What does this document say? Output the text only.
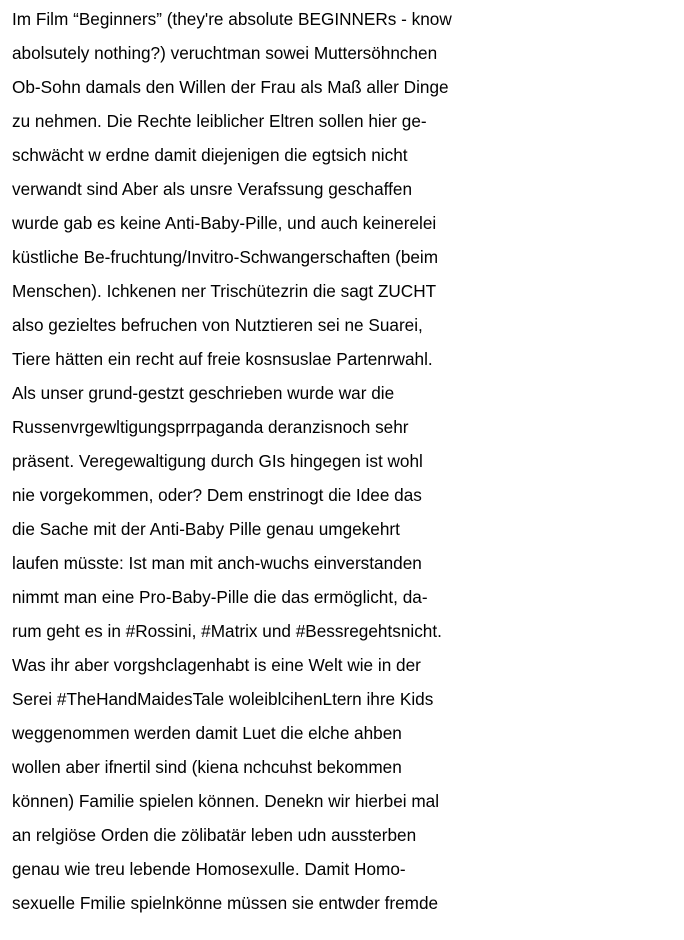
Im Film “Beginners” (they're absolute BEGINNERs - know
abolsutely nothing?) veruchtman sowei Muttersöhnchen
Ob-Sohn damals den Willen der Frau als Maß aller Dinge
zu nehmen. Die Rechte leiblicher Eltren sollen hier ge-
schwächt w erdne damit diejenigen die egtsich nicht
verwandt sind Aber als unsre Verafssung geschaffen
wurde gab es keine Anti-Baby-Pille, und auch keinerelei
küstliche Be-fruchtung/Invitro-Schwangerschaften (beim
Menschen). Ichkenen ner Trischütezrin die sagt ZUCHT
also gezieltes befruchen von Nutztieren sei ne Suarei,
Tiere hätten ein recht auf freie kosnsuslae Partenrwahl.
Als unser grund-gestzt geschrieben wurde war die
Russenvrgewltigungsprrpaganda deranzisnoch sehr
präsent. Veregewaltigung durch GIs hingegen ist wohl
nie vorgekommen, oder? Dem enstrinogt die Idee das
die Sache mit der Anti-Baby Pille genau umgekehrt
laufen müsste: Ist man mit anch-wuchs einverstanden
nimmt man eine Pro-Baby-Pille die das ermöglicht, da-
rum geht es in #Rossini, #Matrix und #Bessregehtsnicht.
Was ihr aber vorgshclagenhabt is eine Welt wie in der
Serei #TheHandMaidesTale woleiblcihenLtern ihre Kids
weggenommen werden damit Luet die elche ahben
wollen aber ifnertil sind (kiena nchcuhst bekommen
können) Familie spielen können. Denekn wir hierbei mal
an relgiöse Orden die zölibatär leben udn aussterben
genau wie treu lebende Homosexulle. Damit Homo-
sexuelle Fmilie spielnkönne müssen sie entwder fremde
